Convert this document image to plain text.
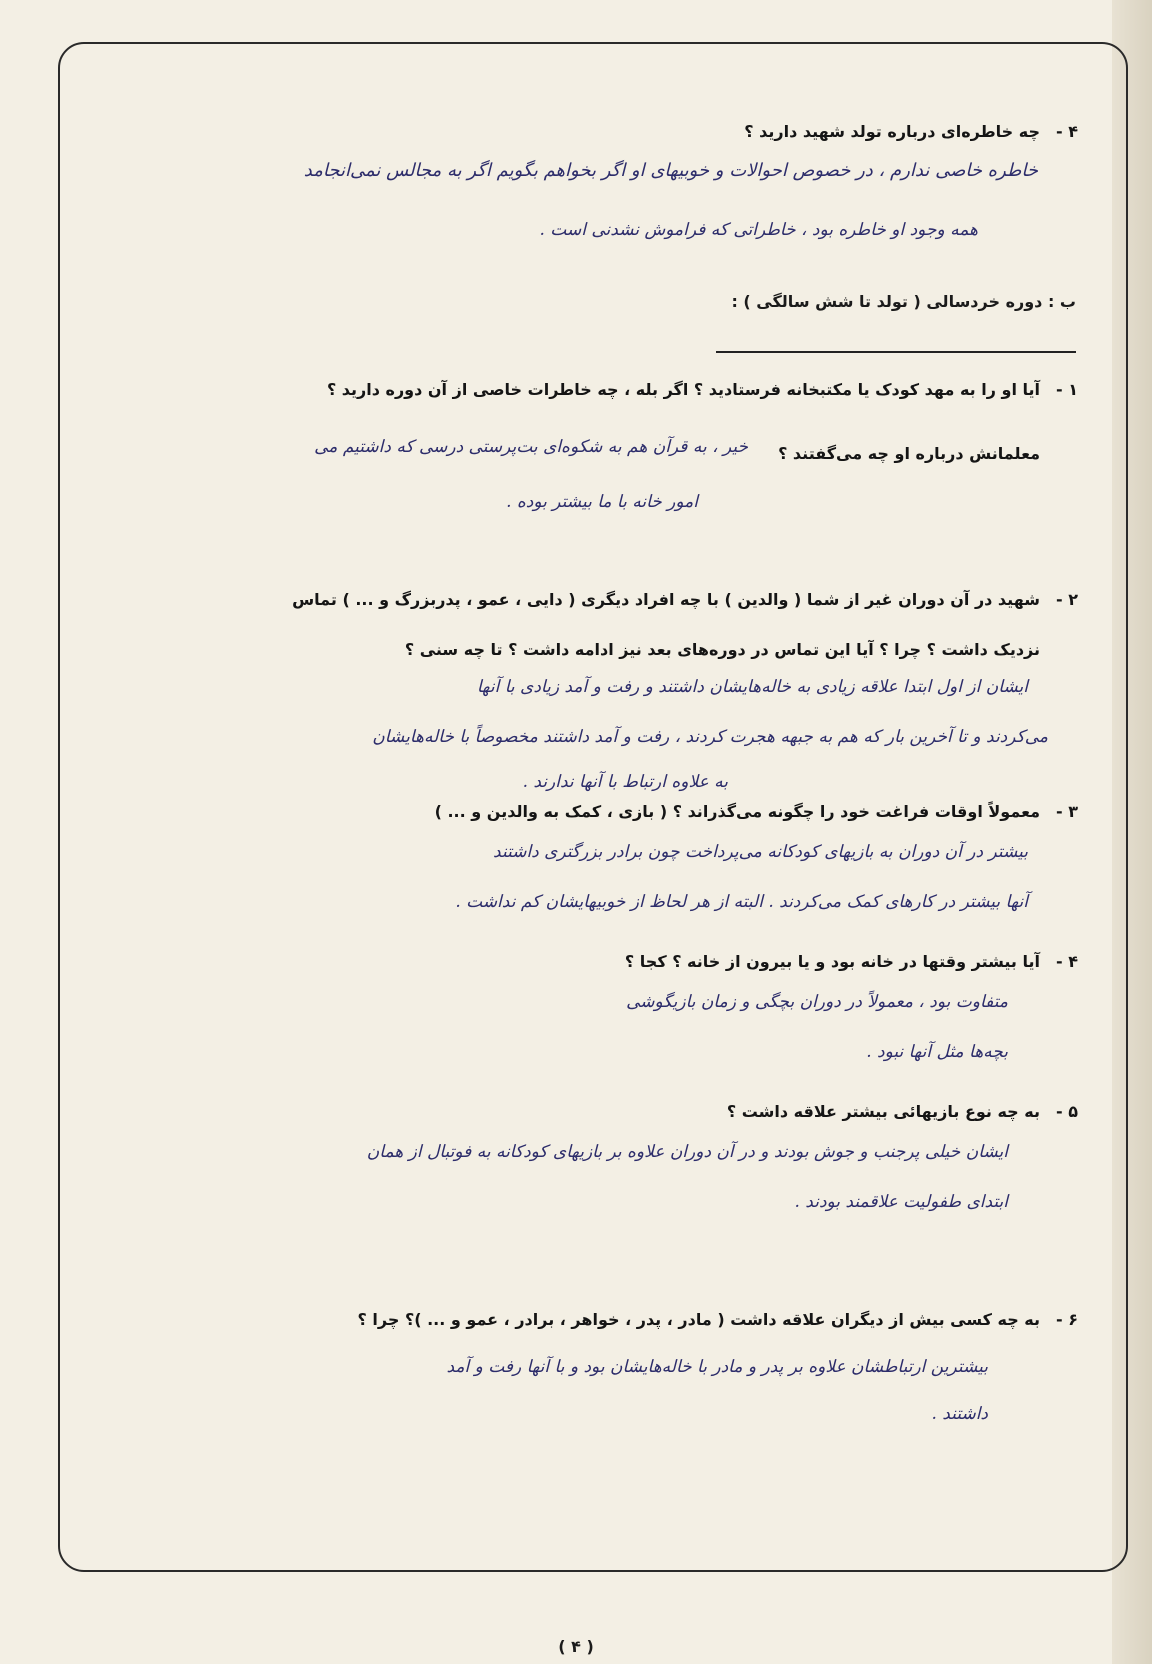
۴ -چه خاطره‌ای درباره تولد شهید دارید ؟
خاطره خاصی ندارم ، در خصوص احوالات و خوبیهای او اگر بخواهم بگویم اگر به مجالس نمی‌انجامد
همه وجود او خاطره بود ، خاطراتی که فراموش نشدنی است .
ب : دوره خردسالی ( تولد تا شش سالگی ) :
۱ -آیا او را به مهد کودک یا مکتبخانه فرستادید ؟ اگر بله ، چه خاطرات خاصی از آن دوره دارید ؟
معلمانش درباره او چه می‌گفتند ؟
خیر ، به قرآن هم به شکوه‌ای بت‌پرستی درسی که داشتیم می
امور خانه با ما بیشتر بوده .
۲ -شهید در آن دوران غیر از شما ( والدین ) با چه افراد دیگری ( دایی ، عمو ، پدربزرگ و ... ) تماس
نزدیک داشت ؟ چرا ؟ آیا این تماس در دوره‌های بعد نیز ادامه داشت ؟ تا چه سنی ؟
ایشان از اول ابتدا علاقه زیادی به خاله‌هایشان داشتند و رفت و آمد زیادی با آنها
می‌کردند و تا آخرین بار که هم به جبهه هجرت کردند ، رفت و آمد داشتند مخصوصاً با خاله‌هایشان
به علاوه ارتباط با آنها ندارند .
۳ -معمولاً اوقات فراغت خود را چگونه می‌گذراند ؟ ( بازی ، کمک به والدین و ... )
بیشتر در آن دوران به بازیهای کودکانه می‌پرداخت چون برادر بزرگتری داشتند
آنها بیشتر در کارهای کمک می‌کردند . البته از هر لحاظ از خوبیهایشان کم نداشت .
۴ -آیا بیشتر وقتها در خانه بود و یا بیرون از خانه ؟ کجا ؟
متفاوت بود ، معمولاً در دوران بچگی و زمان بازیگوشی
بچه‌ها مثل آنها نبود .
۵ -به چه نوع بازیهائی بیشتر علاقه داشت ؟
ایشان خیلی پرجنب و جوش بودند و در آن دوران علاوه بر بازیهای کودکانه به فوتبال از همان
ابتدای طفولیت علاقمند بودند .
۶ -به چه کسی بیش از دیگران علاقه داشت ( مادر ، پدر ، خواهر ، برادر ، عمو و ... )؟ چرا ؟
بیشترین ارتباطشان علاوه بر پدر و مادر با خاله‌هایشان بود و با آنها رفت و آمد
داشتند .
( ۴ )
